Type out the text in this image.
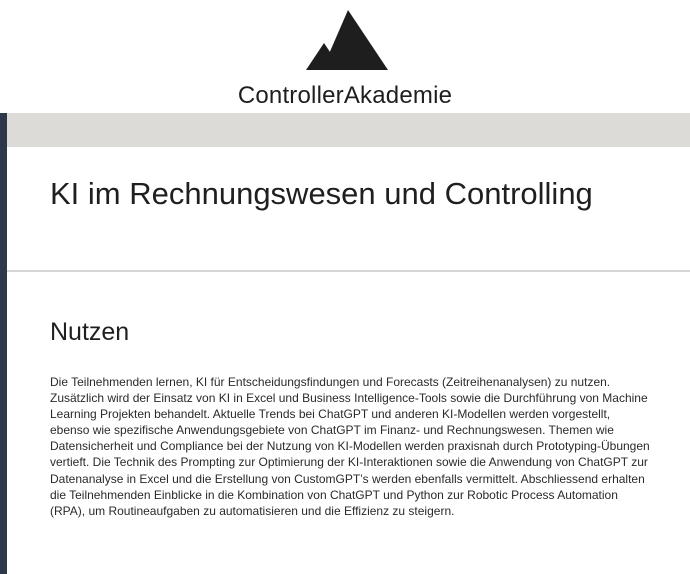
ControllerAkademie
KI im Rechnungswesen und Controlling
Nutzen

Die Teilnehmenden lernen, KI für Entscheidungsfindungen und Forecasts (Zeitreihenanalysen) zu nutzen. Zusätzlich wird der Einsatz von KI in Excel und Business Intelligence-Tools sowie die Durchführung von Machine Learning Projekten behandelt. Aktuelle Trends bei ChatGPT und anderen KI-Modellen werden vorgestellt, ebenso wie spezifische Anwendungsgebiete von ChatGPT im Finanz- und Rechnungswesen. Themen wie Datensicherheit und Compliance bei der Nutzung von KI-Modellen werden praxisnah durch Prototyping-Übungen vertieft. Die Technik des Prompting zur Optimierung der KI-Interaktionen sowie die Anwendung von ChatGPT zur Datenanalyse in Excel und die Erstellung von CustomGPT’s werden ebenfalls vermittelt. Abschliessend erhalten die Teilnehmenden Einblicke in die Kombination von ChatGPT und Python zur Robotic Process Automation (RPA), um Routineaufgaben zu automatisieren und die Effizienz zu steigern.
